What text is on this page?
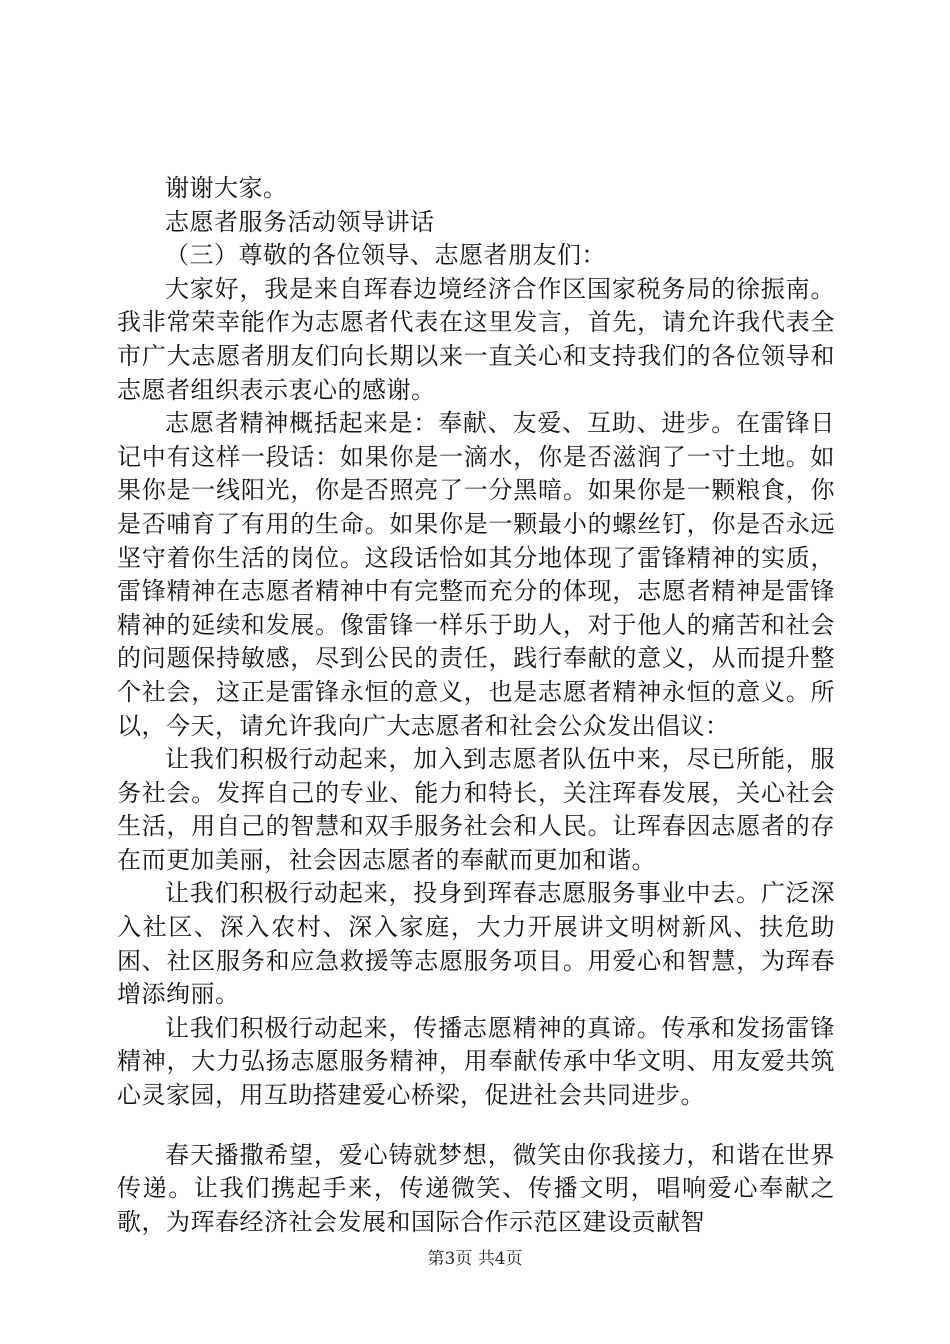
谢谢大家。

志愿者服务活动领导讲话

（三）尊敬的各位领导、志愿者朋友们：

大家好，我是来自珲春边境经济合作区国家税务局的徐振南。我非常荣幸能作为志愿者代表在这里发言，首先，请允许我代表全市广大志愿者朋友们向长期以来一直关心和支持我们的各位领导和志愿者组织表示衷心的感谢。

志愿者精神概括起来是：奉献、友爱、互助、进步。在雷锋日记中有这样一段话：如果你是一滴水，你是否滋润了一寸土地。如果你是一线阳光，你是否照亮了一分黑暗。如果你是一颗粮食，你是否哺育了有用的生命。如果你是一颗最小的螺丝钉，你是否永远坚守着你生活的岗位。这段话恰如其分地体现了雷锋精神的实质，雷锋精神在志愿者精神中有完整而充分的体现，志愿者精神是雷锋精神的延续和发展。像雷锋一样乐于助人，对于他人的痛苦和社会的问题保持敏感，尽到公民的责任，践行奉献的意义，从而提升整个社会，这正是雷锋永恒的意义，也是志愿者精神永恒的意义。所以，今天，请允许我向广大志愿者和社会公众发出倡议：

让我们积极行动起来，加入到志愿者队伍中来，尽已所能，服务社会。发挥自己的专业、能力和特长，关注珲春发展，关心社会生活，用自己的智慧和双手服务社会和人民。让珲春因志愿者的存在而更加美丽，社会因志愿者的奉献而更加和谐。

让我们积极行动起来，投身到珲春志愿服务事业中去。广泛深入社区、深入农村、深入家庭，大力开展讲文明树新风、扶危助困、社区服务和应急救援等志愿服务项目。用爱心和智慧，为珲春增添绚丽。

让我们积极行动起来，传播志愿精神的真谛。传承和发扬雷锋精神，大力弘扬志愿服务精神，用奉献传承中华文明、用友爱共筑心灵家园，用互助搭建爱心桥梁，促进社会共同进步。

春天播撒希望，爱心铸就梦想，微笑由你我接力，和谐在世界传递。让我们携起手来，传递微笑、传播文明，唱响爱心奉献之歌，为珲春经济社会发展和国际合作示范区建设贡献智

第3页 共4页
